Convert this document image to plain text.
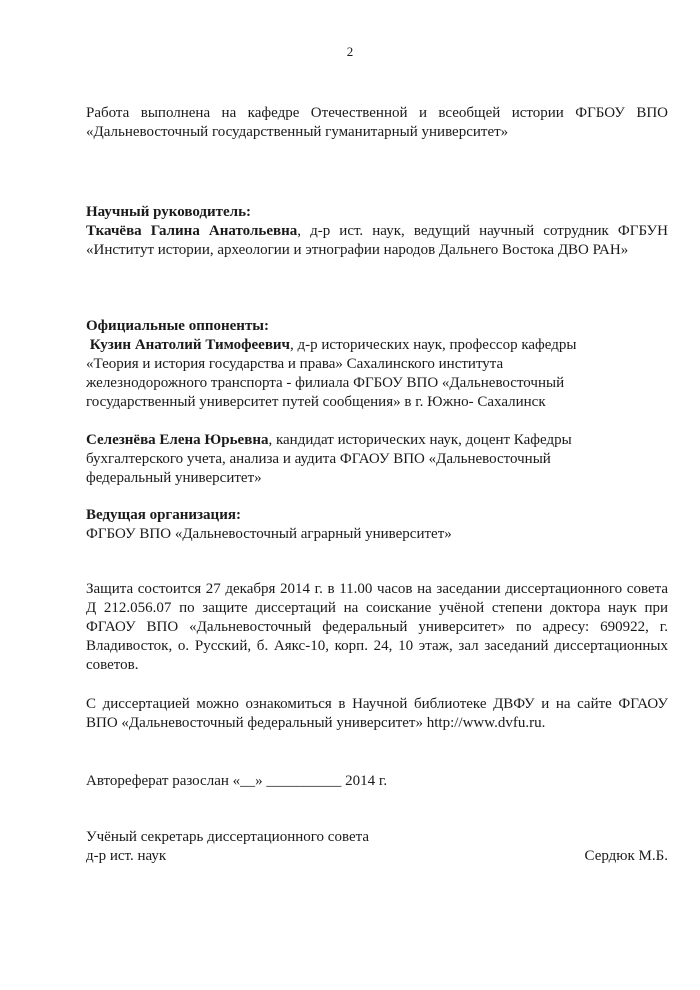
2

Работа выполнена на кафедре Отечественной и всеобщей истории ФГБОУ ВПО «Дальневосточный государственный гуманитарный университет»

Научный руководитель:

Ткачёва Галина Анатольевна, д-р ист. наук, ведущий научный сотрудник ФГБУН «Институт истории, археологии и этнографии народов Дальнего Востока ДВО РАН»

Официальные оппоненты:

Кузин Анатолий Тимофеевич, д-р исторических наук, профессор кафедры

«Теория и история государства и права» Сахалинского института

железнодорожного транспорта - филиала ФГБОУ ВПО «Дальневосточный

государственный университет путей сообщения» в г. Южно- Сахалинск

Селезнёва Елена Юрьевна, кандидат исторических наук, доцент Кафедры

бухгалтерского учета, анализа и аудита ФГАОУ ВПО «Дальневосточный

федеральный университет»

Ведущая организация:

ФГБОУ ВПО «Дальневосточный аграрный университет»

Защита состоится 27 декабря 2014 г. в 11.00 часов на заседании диссертационного совета Д 212.056.07 по защите диссертаций на соискание учёной степени доктора наук при ФГАОУ ВПО «Дальневосточный федеральный университет» по адресу: 690922, г. Владивосток, о. Русский, б. Аякс-10, корп. 24, 10 этаж, зал заседаний диссертационных советов.

С диссертацией можно ознакомиться в Научной библиотеке ДВФУ и на сайте ФГАОУ ВПО «Дальневосточный федеральный университет» http://www.dvfu.ru.

Автореферат разослан «__» __________ 2014 г.

Учёный секретарь диссертационного совета

д-р ист. наук	Сердюк М.Б.
